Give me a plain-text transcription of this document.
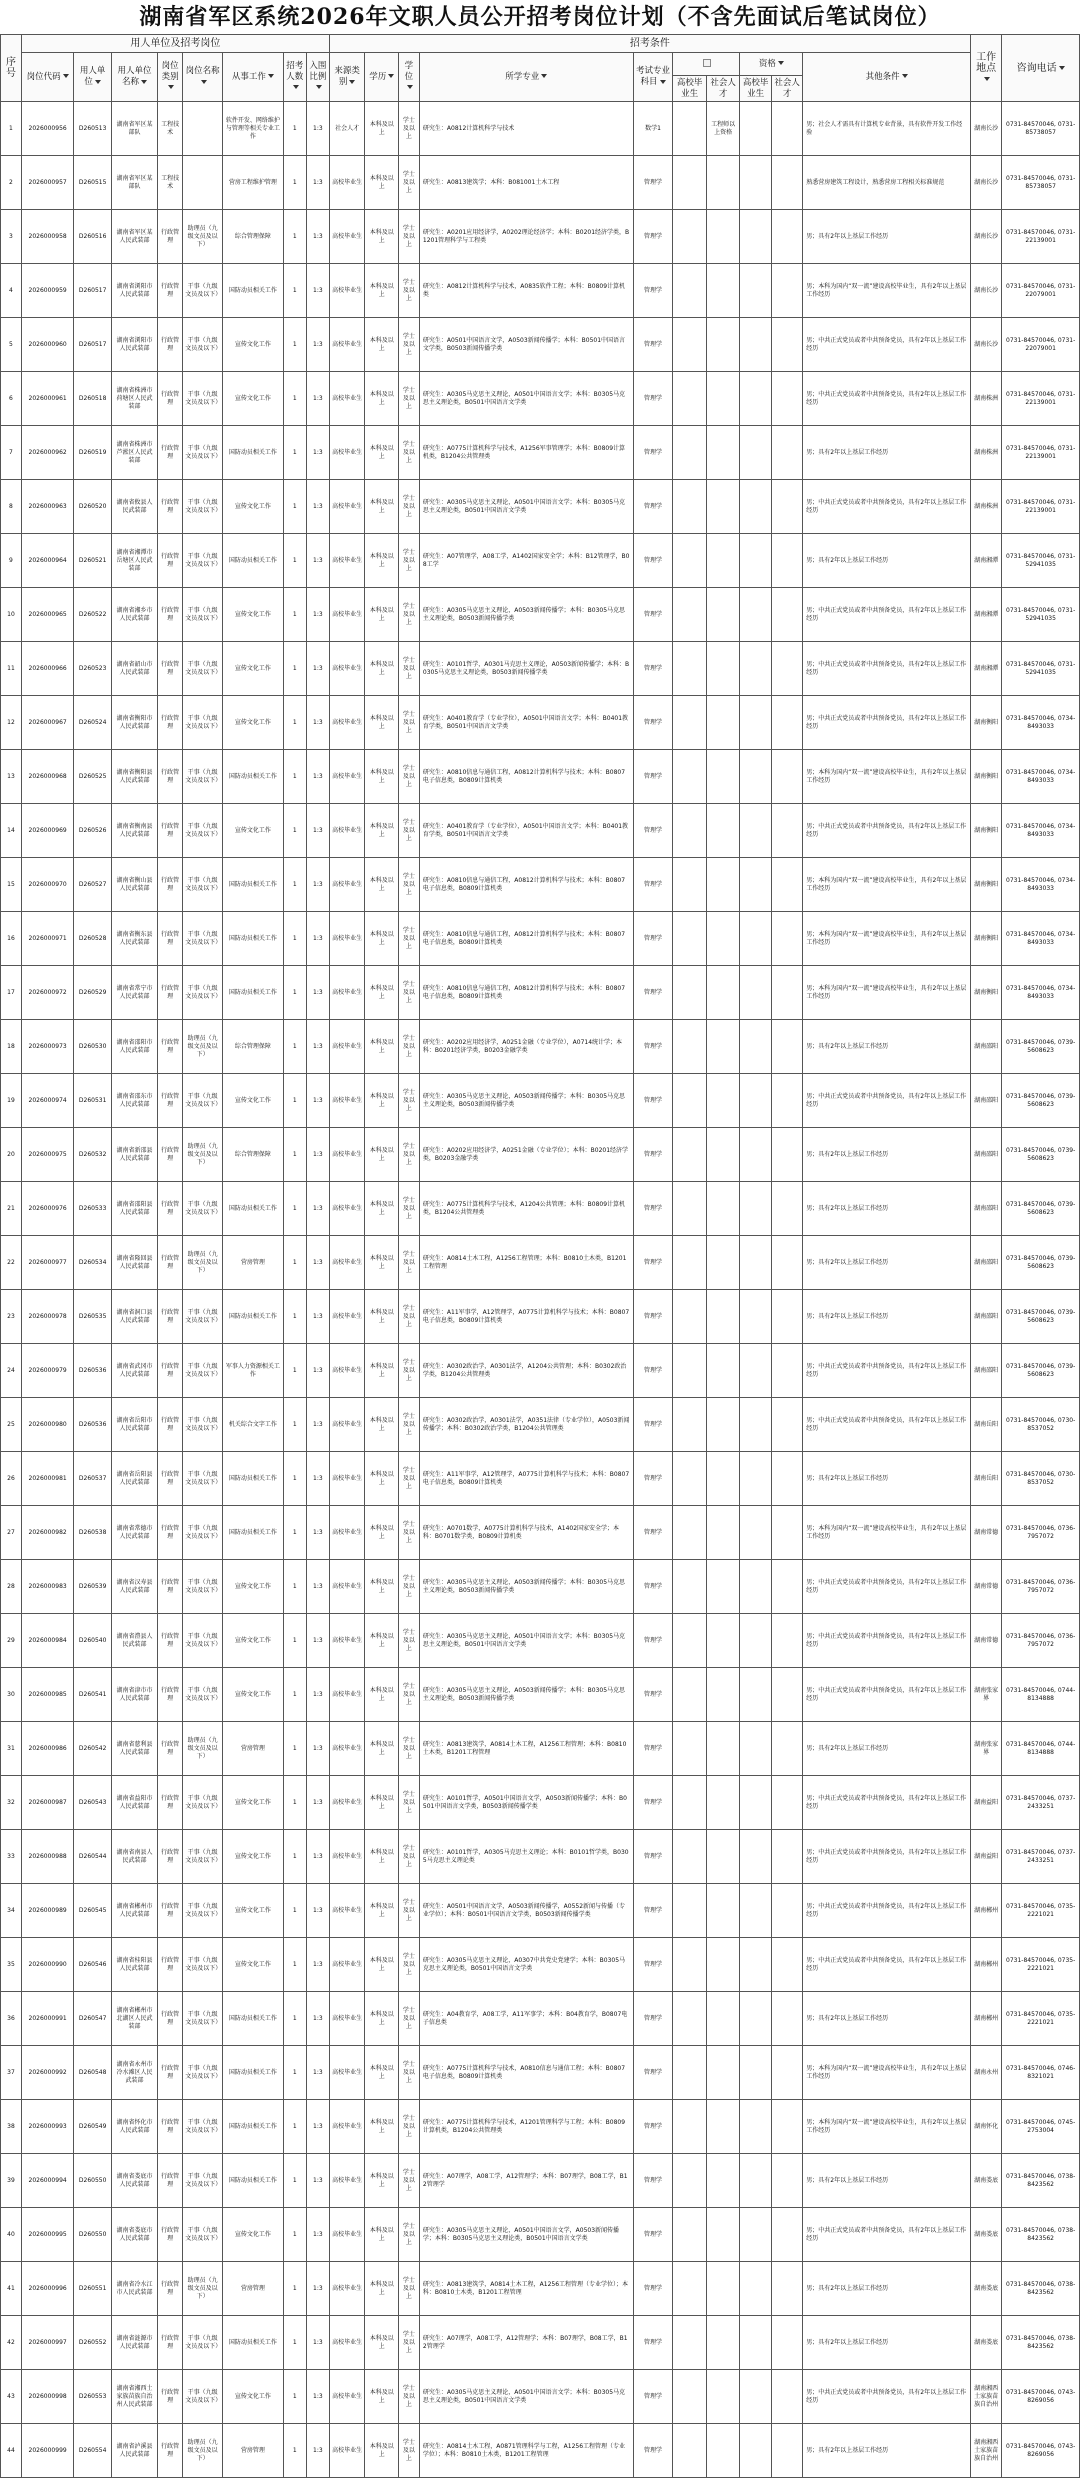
湖南省军区系统2026年文职人员公开招考岗位计划（不含先面试后笔试岗位）
序号	用人单位及招考岗位								招考条件										工作地点	咨询电话
	岗位代码	用人单位	用人单位名称	岗位类别	岗位名称	从事工作	招考人数	入围比例	来源类别	学历	学位	所学专业	考试专业科目			资格		其他条件		
														高校毕业生	社会人才	高校毕业生	社会人才			
1	2026000956	D260513	湖南省军区某部队	工程技术		软件开发、网络维护与管理等相关专业工作	1	1:3	社会人才	本科及以上	学士及以上	研究生：A0812计算机科学与技术	数学1		工程师以上资格			男；社会人才需具有计算机专业背景，具有软件开发工作经验	湖南长沙	0731-84570046, 0731-85738057
2	2026000957	D260515	湖南省军区某部队	工程技术		营房工程维护管理	1	1:3	高校毕业生	本科及以上	学士及以上	研究生：A0813建筑学；本科：B081001土木工程	管理学					熟悉营房建筑工程设计，熟悉营房工程相关标准规范	湖南长沙	0731-84570046, 0731-85738057
3	2026000958	D260516	湖南省军区某人民武装部	行政管理	助理员（九级文员及以下）	综合管理保障	1	1:3	高校毕业生	本科及以上	学士及以上	研究生：A0201应用经济学，A0202理论经济学；本科：B0201经济学类，B1201管理科学与工程类	管理学					男；具有2年以上基层工作经历	湖南长沙	0731-84570046, 0731-22139001
4	2026000959	D260517	湖南省浏阳市人民武装部	行政管理	干事（九级文员及以下）	国防动员相关工作	1	1:3	高校毕业生	本科及以上	学士及以上	研究生：A0812计算机科学与技术，A0835软件工程；本科：B0809计算机类	管理学					男；本科为国内“双一流”建设高校毕业生，具有2年以上基层工作经历	湖南长沙	0731-84570046, 0731-22079001
5	2026000960	D260517	湖南省浏阳市人民武装部	行政管理	干事（九级文员及以下）	宣传文化工作	1	1:3	高校毕业生	本科及以上	学士及以上	研究生：A0501中国语言文学，A0503新闻传播学；本科：B0501中国语言文学类，B0503新闻传播学类	管理学					男；中共正式党员或者中共预备党员，具有2年以上基层工作经历	湖南长沙	0731-84570046, 0731-22079001
6	2026000961	D260518	湖南省株洲市荷塘区人民武装部	行政管理	干事（九级文员及以下）	宣传文化工作	1	1:3	高校毕业生	本科及以上	学士及以上	研究生：A0305马克思主义理论，A0501中国语言文学；本科：B0305马克思主义理论类，B0501中国语言文学类	管理学					男；中共正式党员或者中共预备党员，具有2年以上基层工作经历	湖南株洲	0731-84570046, 0731-22139001
7	2026000962	D260519	湖南省株洲市芦淞区人民武装部	行政管理	干事（九级文员及以下）	国防动员相关工作	1	1:3	高校毕业生	本科及以上	学士及以上	研究生：A0775计算机科学与技术，A1256军事管理学；本科：B0809计算机类，B1204公共管理类	管理学					男；具有2年以上基层工作经历	湖南株洲	0731-84570046, 0731-22139001
8	2026000963	D260520	湖南省攸县人民武装部	行政管理	干事（九级文员及以下）	宣传文化工作	1	1:3	高校毕业生	本科及以上	学士及以上	研究生：A0305马克思主义理论，A0501中国语言文学；本科：B0305马克思主义理论类，B0501中国语言文学类	管理学					男；中共正式党员或者中共预备党员，具有2年以上基层工作经历	湖南株洲	0731-84570046, 0731-22139001
9	2026000964	D260521	湖南省湘潭市岳塘区人民武装部	行政管理	干事（九级文员及以下）	国防动员相关工作	1	1:3	高校毕业生	本科及以上	学士及以上	研究生：A07管理学，A08工学，A1402国家安全学；本科：B12管理学，B08工学	管理学					男；具有2年以上基层工作经历	湖南湘潭	0731-84570046, 0731-52941035
10	2026000965	D260522	湖南省湘乡市人民武装部	行政管理	干事（九级文员及以下）	宣传文化工作	1	1:3	高校毕业生	本科及以上	学士及以上	研究生：A0305马克思主义理论，A0503新闻传播学；本科：B0305马克思主义理论类，B0503新闻传播学类	管理学					男；中共正式党员或者中共预备党员，具有2年以上基层工作经历	湖南湘潭	0731-84570046, 0731-52941035
11	2026000966	D260523	湖南省韶山市人民武装部	行政管理	干事（九级文员及以下）	宣传文化工作	1	1:3	高校毕业生	本科及以上	学士及以上	研究生：A0101哲学，A0301马克思主义理论，A0503新闻传播学；本科：B0305马克思主义理论类，B0503新闻传播学类	管理学					男；中共正式党员或者中共预备党员，具有2年以上基层工作经历	湖南湘潭	0731-84570046, 0731-52941035
12	2026000967	D260524	湖南省衡阳市人民武装部	行政管理	干事（九级文员及以下）	宣传文化工作	1	1:3	高校毕业生	本科及以上	学士及以上	研究生：A0401教育学（专业学位），A0501中国语言文学；本科：B0401教育学类，B0501中国语言文学类	管理学					男；中共正式党员或者中共预备党员，具有2年以上基层工作经历	湖南衡阳	0731-84570046, 0734-8493033
13	2026000968	D260525	湖南省衡阳县人民武装部	行政管理	干事（九级文员及以下）	国防动员相关工作	1	1:3	高校毕业生	本科及以上	学士及以上	研究生：A0810信息与通信工程，A0812计算机科学与技术；本科：B0807电子信息类，B0809计算机类	管理学					男；本科为国内“双一流”建设高校毕业生，具有2年以上基层工作经历	湖南衡阳	0731-84570046, 0734-8493033
14	2026000969	D260526	湖南省衡南县人民武装部	行政管理	干事（九级文员及以下）	宣传文化工作	1	1:3	高校毕业生	本科及以上	学士及以上	研究生：A0401教育学（专业学位），A0501中国语言文学；本科：B0401教育学类，B0501中国语言文学类	管理学					男；中共正式党员或者中共预备党员，具有2年以上基层工作经历	湖南衡阳	0731-84570046, 0734-8493033
15	2026000970	D260527	湖南省衡山县人民武装部	行政管理	干事（九级文员及以下）	国防动员相关工作	1	1:3	高校毕业生	本科及以上	学士及以上	研究生：A0810信息与通信工程，A0812计算机科学与技术；本科：B0807电子信息类，B0809计算机类	管理学					男；本科为国内“双一流”建设高校毕业生，具有2年以上基层工作经历	湖南衡阳	0731-84570046, 0734-8493033
16	2026000971	D260528	湖南省衡东县人民武装部	行政管理	干事（九级文员及以下）	国防动员相关工作	1	1:3	高校毕业生	本科及以上	学士及以上	研究生：A0810信息与通信工程，A0812计算机科学与技术；本科：B0807电子信息类，B0809计算机类	管理学					男；本科为国内“双一流”建设高校毕业生，具有2年以上基层工作经历	湖南衡阳	0731-84570046, 0734-8493033
17	2026000972	D260529	湖南省常宁市人民武装部	行政管理	干事（九级文员及以下）	国防动员相关工作	1	1:3	高校毕业生	本科及以上	学士及以上	研究生：A0810信息与通信工程，A0812计算机科学与技术；本科：B0807电子信息类，B0809计算机类	管理学					男；本科为国内“双一流”建设高校毕业生，具有2年以上基层工作经历	湖南衡阳	0731-84570046, 0734-8493033
18	2026000973	D260530	湖南省邵阳市人民武装部	行政管理	助理员（九级文员及以下）	综合管理保障	1	1:3	高校毕业生	本科及以上	学士及以上	研究生：A0202应用经济学，A0251金融（专业学位），A0714统计学；本科：B0201经济学类，B0203金融学类	管理学					男；具有2年以上基层工作经历	湖南邵阳	0731-84570046, 0739-5608623
19	2026000974	D260531	湖南省邵东市人民武装部	行政管理	干事（九级文员及以下）	宣传文化工作	1	1:3	高校毕业生	本科及以上	学士及以上	研究生：A0305马克思主义理论，A0503新闻传播学；本科：B0305马克思主义理论类，B0503新闻传播学类	管理学					男；中共正式党员或者中共预备党员，具有2年以上基层工作经历	湖南邵阳	0731-84570046, 0739-5608623
20	2026000975	D260532	湖南省新邵县人民武装部	行政管理	助理员（九级文员及以下）	综合管理保障	1	1:3	高校毕业生	本科及以上	学士及以上	研究生：A0202应用经济学，A0251金融（专业学位）；本科：B0201经济学类，B0203金融学类	管理学					男；具有2年以上基层工作经历	湖南邵阳	0731-84570046, 0739-5608623
21	2026000976	D260533	湖南省邵阳县人民武装部	行政管理	干事（九级文员及以下）	国防动员相关工作	1	1:3	高校毕业生	本科及以上	学士及以上	研究生：A0775计算机科学与技术，A1204公共管理；本科：B0809计算机类，B1204公共管理类	管理学					男；具有2年以上基层工作经历	湖南邵阳	0731-84570046, 0739-5608623
22	2026000977	D260534	湖南省隆回县人民武装部	行政管理	助理员（九级文员及以下）	营房管理	1	1:3	高校毕业生	本科及以上	学士及以上	研究生：A0814土木工程，A1256工程管理；本科：B0810土木类，B1201工程管理	管理学					男；具有2年以上基层工作经历	湖南邵阳	0731-84570046, 0739-5608623
23	2026000978	D260535	湖南省洞口县人民武装部	行政管理	干事（九级文员及以下）	国防动员相关工作	1	1:3	高校毕业生	本科及以上	学士及以上	研究生：A11军事学，A12管理学，A0775计算机科学与技术；本科：B0807电子信息类，B0809计算机类	管理学					男；具有2年以上基层工作经历	湖南邵阳	0731-84570046, 0739-5608623
24	2026000979	D260536	湖南省武冈市人民武装部	行政管理	干事（九级文员及以下）	军事人力资源相关工作	1	1:3	高校毕业生	本科及以上	学士及以上	研究生：A0302政治学，A0301法学，A1204公共管理；本科：B0302政治学类，B1204公共管理类	管理学					男；中共正式党员或者中共预备党员，具有2年以上基层工作经历	湖南邵阳	0731-84570046, 0739-5608623
25	2026000980	D260536	湖南省岳阳市人民武装部	行政管理	干事（九级文员及以下）	机关综合文字工作	1	1:3	高校毕业生	本科及以上	学士及以上	研究生：A0302政治学，A0301法学，A0351法律（专业学位），A0503新闻传播学；本科：B0302政治学类，B1204公共管理类	管理学					男；中共正式党员或者中共预备党员，具有2年以上基层工作经历	湖南岳阳	0731-84570046, 0730-8537052
26	2026000981	D260537	湖南省岳阳县人民武装部	行政管理	干事（九级文员及以下）	国防动员相关工作	1	1:3	高校毕业生	本科及以上	学士及以上	研究生：A11军事学，A12管理学，A0775计算机科学与技术；本科：B0807电子信息类，B0809计算机类	管理学					男；具有2年以上基层工作经历	湖南岳阳	0731-84570046, 0730-8537052
27	2026000982	D260538	湖南省常德市人民武装部	行政管理	干事（九级文员及以下）	国防动员相关工作	1	1:3	高校毕业生	本科及以上	学士及以上	研究生：A0701数学，A0775计算机科学与技术，A1402国家安全学；本科：B0701数学类，B0809计算机类	管理学					男；本科为国内“双一流”建设高校毕业生，具有2年以上基层工作经历	湖南常德	0731-84570046, 0736-7957072
28	2026000983	D260539	湖南省汉寿县人民武装部	行政管理	干事（九级文员及以下）	宣传文化工作	1	1:3	高校毕业生	本科及以上	学士及以上	研究生：A0305马克思主义理论，A0503新闻传播学；本科：B0305马克思主义理论类，B0503新闻传播学类	管理学					男；中共正式党员或者中共预备党员，具有2年以上基层工作经历	湖南常德	0731-84570046, 0736-7957072
29	2026000984	D260540	湖南省澧县人民武装部	行政管理	干事（九级文员及以下）	宣传文化工作	1	1:3	高校毕业生	本科及以上	学士及以上	研究生：A0305马克思主义理论，A0501中国语言文学；本科：B0305马克思主义理论类，B0501中国语言文学类	管理学					男；中共正式党员或者中共预备党员，具有2年以上基层工作经历	湖南常德	0731-84570046, 0736-7957072
30	2026000985	D260541	湖南省津市市人民武装部	行政管理	干事（九级文员及以下）	宣传文化工作	1	1:3	高校毕业生	本科及以上	学士及以上	研究生：A0305马克思主义理论，A0503新闻传播学；本科：B0305马克思主义理论类，B0503新闻传播学类	管理学					男；中共正式党员或者中共预备党员，具有2年以上基层工作经历	湖南张家界	0731-84570046, 0744-8134888
31	2026000986	D260542	湖南省慈利县人民武装部	行政管理	助理员（九级文员及以下）	营房管理	1	1:3	高校毕业生	本科及以上	学士及以上	研究生：A0813建筑学，A0814土木工程，A1256工程管理；本科：B0810土木类，B1201工程管理	管理学					男；具有2年以上基层工作经历	湖南张家界	0731-84570046, 0744-8134888
32	2026000987	D260543	湖南省益阳市人民武装部	行政管理	干事（九级文员及以下）	宣传文化工作	1	1:3	高校毕业生	本科及以上	学士及以上	研究生：A0101哲学，A0501中国语言文学，A0503新闻传播学；本科：B0501中国语言文学类，B0503新闻传播学类	管理学					男；中共正式党员或者中共预备党员，具有2年以上基层工作经历	湖南益阳	0731-84570046, 0737-2433251
33	2026000988	D260544	湖南省南县人民武装部	行政管理	干事（九级文员及以下）	宣传文化工作	1	1:3	高校毕业生	本科及以上	学士及以上	研究生：A0101哲学，A0305马克思主义理论；本科：B0101哲学类，B0305马克思主义理论类	管理学					男；中共正式党员或者中共预备党员，具有2年以上基层工作经历	湖南益阳	0731-84570046, 0737-2433251
34	2026000989	D260545	湖南省郴州市人民武装部	行政管理	干事（九级文员及以下）	宣传文化工作	1	1:3	高校毕业生	本科及以上	学士及以上	研究生：A0501中国语言文学，A0503新闻传播学，A0552新闻与传播（专业学位）；本科：B0501中国语言文学类，B0503新闻传播学类	管理学					男；中共正式党员或者中共预备党员，具有2年以上基层工作经历	湖南郴州	0731-84570046, 0735-2221021
35	2026000990	D260546	湖南省桂阳县人民武装部	行政管理	干事（九级文员及以下）	宣传文化工作	1	1:3	高校毕业生	本科及以上	学士及以上	研究生：A0305马克思主义理论，A0307中共党史党建学；本科：B0305马克思主义理论类，B0501中国语言文学类	管理学					男；中共正式党员或者中共预备党员，具有2年以上基层工作经历	湖南郴州	0731-84570046, 0735-2221021
36	2026000991	D260547	湖南省郴州市北湖区人民武装部	行政管理	干事（九级文员及以下）	国防动员相关工作	1	1:3	高校毕业生	本科及以上	学士及以上	研究生：A04教育学，A08工学，A11军事学；本科：B04教育学，B0807电子信息类	管理学					男；具有2年以上基层工作经历	湖南郴州	0731-84570046, 0735-2221021
37	2026000992	D260548	湖南省永州市冷水滩区人民武装部	行政管理	干事（九级文员及以下）	国防动员相关工作	1	1:3	高校毕业生	本科及以上	学士及以上	研究生：A0775计算机科学与技术，A0810信息与通信工程；本科：B0807电子信息类，B0809计算机类	管理学					男；本科为国内“双一流”建设高校毕业生，具有2年以上基层工作经历	湖南永州	0731-84570046, 0746-8321021
38	2026000993	D260549	湖南省怀化市人民武装部	行政管理	干事（九级文员及以下）	国防动员相关工作	1	1:3	高校毕业生	本科及以上	学士及以上	研究生：A0775计算机科学与技术，A1201管理科学与工程；本科：B0809计算机类，B1204公共管理类	管理学					男；本科为国内“双一流”建设高校毕业生，具有2年以上基层工作经历	湖南怀化	0731-84570046, 0745-2753004
39	2026000994	D260550	湖南省娄底市人民武装部	行政管理	干事（九级文员及以下）	国防动员相关工作	1	1:3	高校毕业生	本科及以上	学士及以上	研究生：A07理学，A08工学，A12管理学；本科：B07理学，B08工学，B12管理学	管理学					男；具有2年以上基层工作经历	湖南娄底	0731-84570046, 0738-8423562
40	2026000995	D260550	湖南省娄底市人民武装部	行政管理	干事（九级文员及以下）	宣传文化工作	1	1:3	高校毕业生	本科及以上	学士及以上	研究生：A0305马克思主义理论，A0501中国语言文学，A0503新闻传播学；本科：B0305马克思主义理论类，B0501中国语言文学类	管理学					男；中共正式党员或者中共预备党员，具有2年以上基层工作经历	湖南娄底	0731-84570046, 0738-8423562
41	2026000996	D260551	湖南省冷水江市人民武装部	行政管理	助理员（九级文员及以下）	营房管理	1	1:3	高校毕业生	本科及以上	学士及以上	研究生：A0813建筑学，A0814土木工程，A1256工程管理（专业学位）；本科：B0810土木类，B1201工程管理	管理学					男；具有2年以上基层工作经历	湖南娄底	0731-84570046, 0738-8423562
42	2026000997	D260552	湖南省涟源市人民武装部	行政管理	干事（九级文员及以下）	国防动员相关工作	1	1:3	高校毕业生	本科及以上	学士及以上	研究生：A07理学，A08工学，A12管理学；本科：B07理学，B08工学，B12管理学	管理学					男；具有2年以上基层工作经历	湖南娄底	0731-84570046, 0738-8423562
43	2026000998	D260553	湖南省湘西土家族苗族自治州人民武装部	行政管理	干事（九级文员及以下）	宣传文化工作	1	1:3	高校毕业生	本科及以上	学士及以上	研究生：A0305马克思主义理论，A0501中国语言文学；本科：B0305马克思主义理论类，B0501中国语言文学类	管理学					男；中共正式党员或者中共预备党员，具有2年以上基层工作经历	湖南湘西土家族苗族自治州	0731-84570046, 0743-8269056
44	2026000999	D260554	湖南省泸溪县人民武装部	行政管理	助理员（九级文员及以下）	营房管理	1	1:3	高校毕业生	本科及以上	学士及以上	研究生：A0814土木工程，A0871管理科学与工程，A1256工程管理（专业学位）；本科：B0810土木类，B1201工程管理	管理学					男；具有2年以上基层工作经历	湖南湘西土家族苗族自治州	0731-84570046, 0743-8269056
